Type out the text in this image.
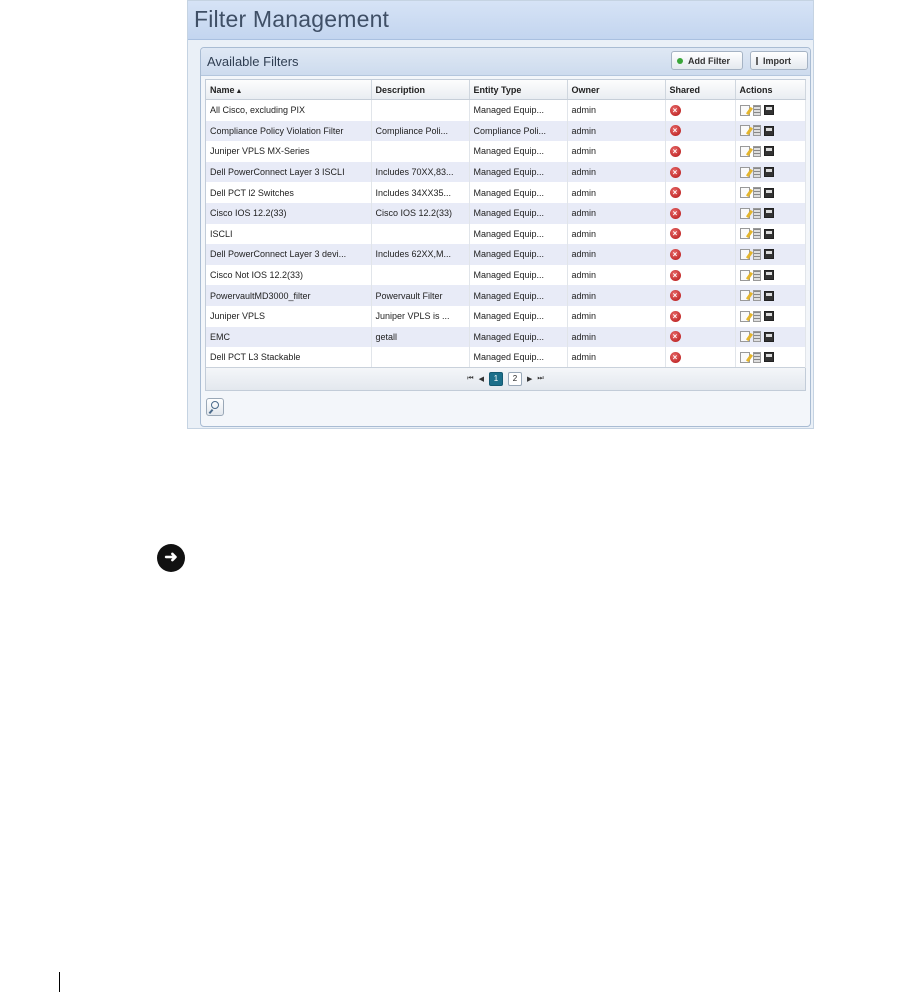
Filter Management
Available Filters	Add Filter	Import
Name▲	Description	Entity Type	Owner	Shared	Actions
All Cisco, excluding PIX		Managed Equip...	admin	×	

Compliance Policy Violation Filter	Compliance Poli...	Compliance Poli...	admin	×	

Juniper VPLS MX-Series		Managed Equip...	admin	×	

Dell PowerConnect Layer 3 ISCLI	Includes 70XX,83...	Managed Equip...	admin	×	

Dell PCT l2 Switches	Includes 34XX35...	Managed Equip...	admin	×	

Cisco IOS 12.2(33)	Cisco IOS 12.2(33)	Managed Equip...	admin	×	

ISCLI		Managed Equip...	admin	×	

Dell PowerConnect Layer 3 devi...	Includes 62XX,M...	Managed Equip...	admin	×	

Cisco Not IOS 12.2(33)		Managed Equip...	admin	×	

PowervaultMD3000_filter	Powervault Filter	Managed Equip...	admin	×	

Juniper VPLS	Juniper VPLS is ...	Managed Equip...	admin	×	

EMC	getall	Managed Equip...	admin	×	

Dell PCT L3 Stackable		Managed Equip...	admin	×	
⏮ ◀	1	2	▶ ⏭
➜
